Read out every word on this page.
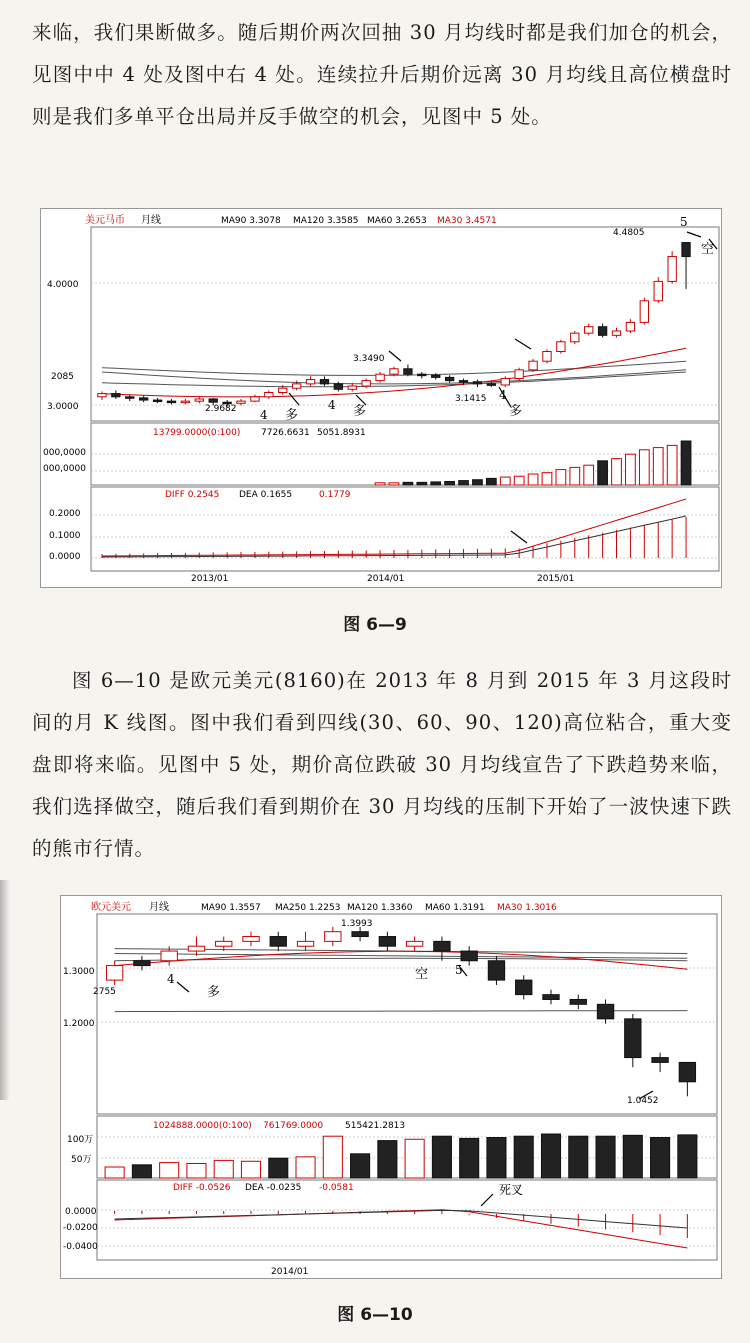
来临，我们果断做多。随后期价两次回抽 30 月均线时都是我们加仓的机会，见图中中 4 处及图中右 4 处。连续拉升后期价远离 30 月均线且高位横盘时则是我们多单平仓出局并反手做空的机会，见图中 5 处。
美元马币 月线	MA90 3.3078 MA120 3.3585 MA60 3.2653 MA30 3.4571
4.0000
3.0000
2085
4.4805
3.3490
2.9682
3.1415
4 多
4 多
4
多
5
空
13799.0000(0:100) 7726.6631 5051.8931
000,0000
000,0000
DIFF 0.2545 DEA 0.1655	0.1779
0.2000
0.1000
0.0000
2013/01	2014/01	2015/01
图 6—9
图 6—10 是欧元美元(8160)在 2013 年 8 月到 2015 年 3 月这段时间的月 K 线图。图中我们看到四线(30、60、90、120)高位粘合，重大变盘即将来临。见图中 5 处，期价高位跌破 30 月均线宣告了下跌趋势来临，我们选择做空，随后我们看到期价在 30 月均线的压制下开始了一波快速下跌的熊市行情。
欧元美元 月线	MA90 1.3557 MA250 1.2253 MA120 1.3360 MA60 1.3191 MA30 1.3016
1.3000
1.2000
2755
1.3993
1.0452
4
多
5
空
1024888.0000(0:100) 761769.0000 515421.2813
100万
50万
DIFF -0.0526 DEA -0.0235 -0.0581	死叉
0.0000
-0.0200
-0.0400
2014/01
图 6—10
